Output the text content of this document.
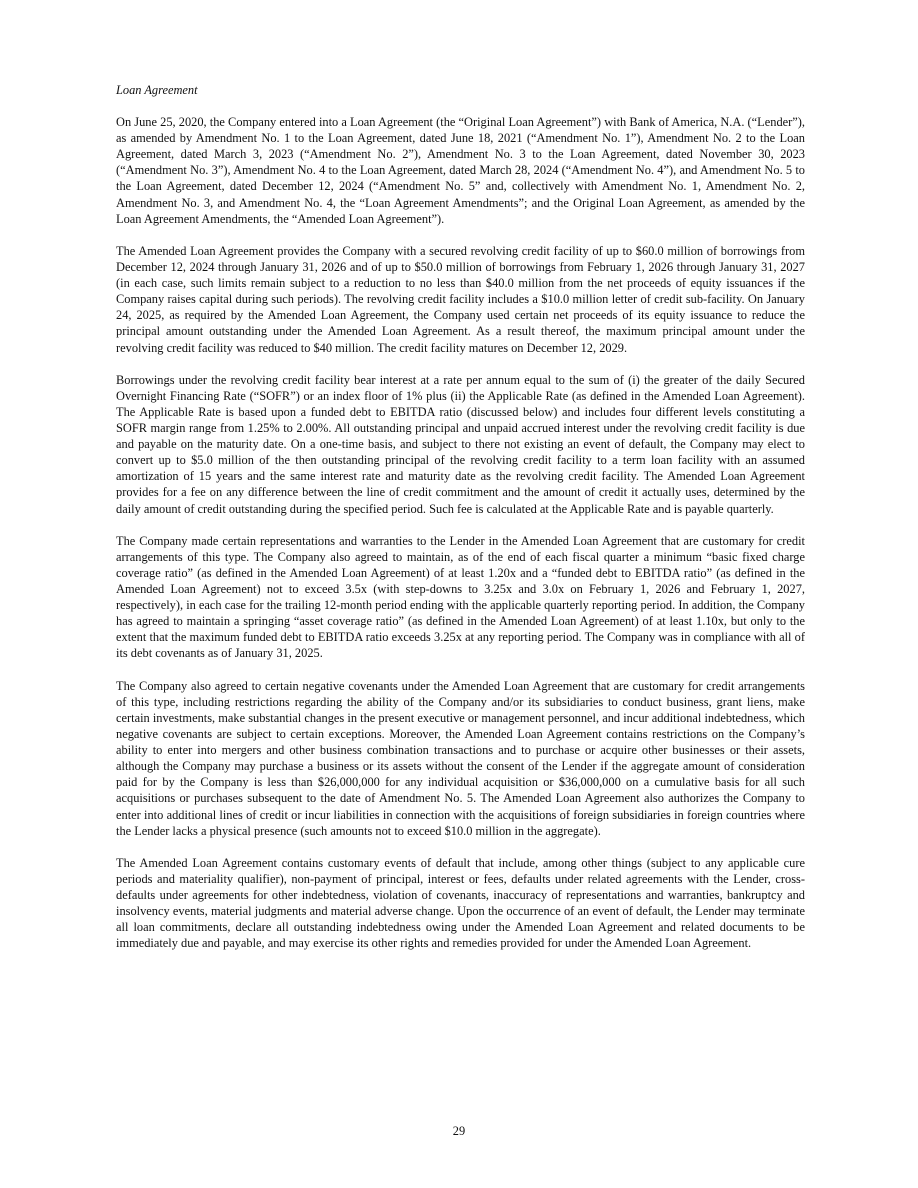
Loan Agreement

On June 25, 2020, the Company entered into a Loan Agreement (the “Original Loan Agreement”) with Bank of America, N.A. (“Lender”), as amended by Amendment No. 1 to the Loan Agreement, dated June 18, 2021 (“Amendment No. 1”), Amendment No. 2 to the Loan Agreement, dated March 3, 2023 (“Amendment No. 2”), Amendment No. 3 to the Loan Agreement, dated November 30, 2023 (“Amendment No. 3”), Amendment No. 4 to the Loan Agreement, dated March 28, 2024 (“Amendment No. 4”), and Amendment No. 5 to the Loan Agreement, dated December 12, 2024 (“Amendment No. 5” and, collectively with Amendment No. 1, Amendment No. 2, Amendment No. 3, and Amendment No. 4, the “Loan Agreement Amendments”; and the Original Loan Agreement, as amended by the Loan Agreement Amendments, the “Amended Loan Agreement”).

The Amended Loan Agreement provides the Company with a secured revolving credit facility of up to $60.0 million of borrowings from December 12, 2024 through January 31, 2026 and of up to $50.0 million of borrowings from February 1, 2026 through January 31, 2027 (in each case, such limits remain subject to a reduction to no less than $40.0 million from the net proceeds of equity issuances if the Company raises capital during such periods). The revolving credit facility includes a $10.0 million letter of credit sub-facility. On January 24, 2025, as required by the Amended Loan Agreement, the Company used certain net proceeds of its equity issuance to reduce the principal amount outstanding under the Amended Loan Agreement. As a result thereof, the maximum principal amount under the revolving credit facility was reduced to $40 million. The credit facility matures on December 12, 2029.

Borrowings under the revolving credit facility bear interest at a rate per annum equal to the sum of (i) the greater of the daily Secured Overnight Financing Rate (“SOFR”) or an index floor of 1% plus (ii) the Applicable Rate (as defined in the Amended Loan Agreement). The Applicable Rate is based upon a funded debt to EBITDA ratio (discussed below) and includes four different levels constituting a SOFR margin range from 1.25% to 2.00%. All outstanding principal and unpaid accrued interest under the revolving credit facility is due and payable on the maturity date. On a one-time basis, and subject to there not existing an event of default, the Company may elect to convert up to $5.0 million of the then outstanding principal of the revolving credit facility to a term loan facility with an assumed amortization of 15 years and the same interest rate and maturity date as the revolving credit facility. The Amended Loan Agreement provides for a fee on any difference between the line of credit commitment and the amount of credit it actually uses, determined by the daily amount of credit outstanding during the specified period. Such fee is calculated at the Applicable Rate and is payable quarterly.

The Company made certain representations and warranties to the Lender in the Amended Loan Agreement that are customary for credit arrangements of this type. The Company also agreed to maintain, as of the end of each fiscal quarter a minimum “basic fixed charge coverage ratio” (as defined in the Amended Loan Agreement) of at least 1.20x and a “funded debt to EBITDA ratio” (as defined in the Amended Loan Agreement) not to exceed 3.5x (with step-downs to 3.25x and 3.0x on February 1, 2026 and February 1, 2027, respectively), in each case for the trailing 12-month period ending with the applicable quarterly reporting period. In addition, the Company has agreed to maintain a springing “asset coverage ratio” (as defined in the Amended Loan Agreement) of at least 1.10x, but only to the extent that the maximum funded debt to EBITDA ratio exceeds 3.25x at any reporting period. The Company was in compliance with all of its debt covenants as of January 31, 2025.

The Company also agreed to certain negative covenants under the Amended Loan Agreement that are customary for credit arrangements of this type, including restrictions regarding the ability of the Company and/or its subsidiaries to conduct business, grant liens, make certain investments, make substantial changes in the present executive or management personnel, and incur additional indebtedness, which negative covenants are subject to certain exceptions. Moreover, the Amended Loan Agreement contains restrictions on the Company’s ability to enter into mergers and other business combination transactions and to purchase or acquire other businesses or their assets, although the Company may purchase a business or its assets without the consent of the Lender if the aggregate amount of consideration paid for by the Company is less than $26,000,000 for any individual acquisition or $36,000,000 on a cumulative basis for all such acquisitions or purchases subsequent to the date of Amendment No. 5. The Amended Loan Agreement also authorizes the Company to enter into additional lines of credit or incur liabilities in connection with the acquisitions of foreign subsidiaries in foreign countries where the Lender lacks a physical presence (such amounts not to exceed $10.0 million in the aggregate).

The Amended Loan Agreement contains customary events of default that include, among other things (subject to any applicable cure periods and materiality qualifier), non-payment of principal, interest or fees, defaults under related agreements with the Lender, cross-defaults under agreements for other indebtedness, violation of covenants, inaccuracy of representations and warranties, bankruptcy and insolvency events, material judgments and material adverse change. Upon the occurrence of an event of default, the Lender may terminate all loan commitments, declare all outstanding indebtedness owing under the Amended Loan Agreement and related documents to be immediately due and payable, and may exercise its other rights and remedies provided for under the Amended Loan Agreement.

29
